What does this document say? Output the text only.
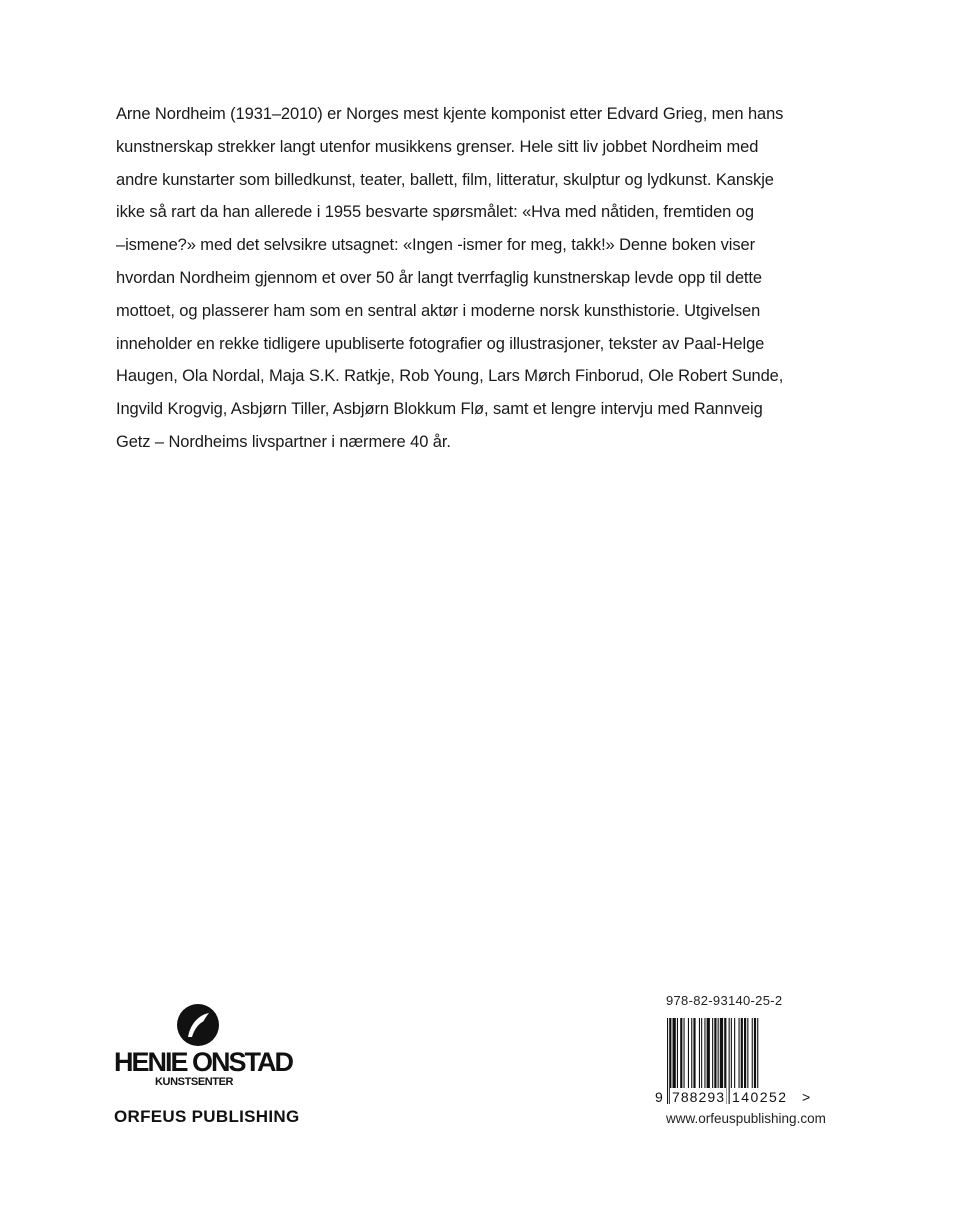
Arne Nordheim (1931–2010) er Norges mest kjente komponist etter Edvard Grieg, men hans
kunstnerskap strekker langt utenfor musikkens grenser. Hele sitt liv jobbet Nordheim med
andre kunstarter som billedkunst, teater, ballett, film, litteratur, skulptur og lydkunst. Kanskje
ikke så rart da han allerede i 1955 besvarte spørsmålet: «Hva med nåtiden, fremtiden og
–ismene?» med det selvsikre utsagnet: «Ingen -ismer for meg, takk!» Denne boken viser
hvordan Nordheim gjennom et over 50 år langt tverrfaglig kunstnerskap levde opp til dette
mottoet, og plasserer ham som en sentral aktør i moderne norsk kunsthistorie. Utgivelsen
inneholder en rekke tidligere upubliserte fotografier og illustrasjoner, tekster av Paal-Helge
Haugen, Ola Nordal, Maja S.K. Ratkje, Rob Young, Lars Mørch Finborud, Ole Robert Sunde,
Ingvild Krogvig, Asbjørn Tiller, Asbjørn Blokkum Flø, samt et lengre intervju med Rannveig
Getz – Nordheims livspartner i nærmere 40 år.

HENIE ONSTAD
KUNSTSENTER
ORFEUS PUBLISHING
978-82-93140-25-2
9 788293 140252 >
www.orfeuspublishing.com
